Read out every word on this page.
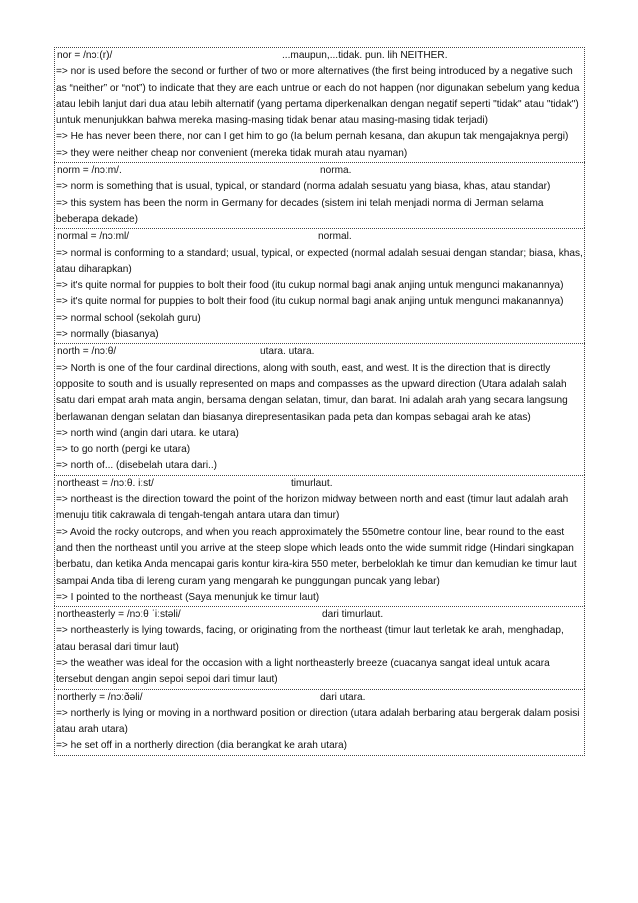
nor = /nɔː(r)/	...maupun,...tidak. pun. lih NEITHER.
=> nor is used before the second or further of two or more alternatives (the first being introduced by a negative such as “neither” or “not”) to indicate that they are each untrue or each do not happen (nor digunakan sebelum yang kedua atau lebih lanjut dari dua atau lebih alternatif (yang pertama diperkenalkan dengan negatif seperti "tidak" atau "tidak") untuk menunjukkan bahwa mereka masing-masing tidak benar atau masing-masing tidak terjadi)
=> He has never been there, nor can I get him to go (Ia belum pernah kesana, dan akupun tak mengajaknya pergi)
=> they were neither cheap nor convenient (mereka tidak murah atau nyaman)
norm = /nɔːm/.	norma.
=> norm is something that is usual, typical, or standard (norma adalah sesuatu yang biasa, khas, atau standar)
=> this system has been the norm in Germany for decades (sistem ini telah menjadi norma di Jerman selama beberapa dekade)
normal = /nɔːml/	normal.
=> normal is conforming to a standard; usual, typical, or expected (normal adalah sesuai dengan standar; biasa, khas, atau diharapkan)
=> it's quite normal for puppies to bolt their food (itu cukup normal bagi anak anjing untuk mengunci makanannya)
=> it's quite normal for puppies to bolt their food (itu cukup normal bagi anak anjing untuk mengunci makanannya)
=> normal school (sekolah guru)
=> normally (biasanya)
north = /nɔːθ/	utara. utara.
=> North is one of the four cardinal directions, along with south, east, and west. It is the direction that is directly opposite to south and is usually represented on maps and compasses as the upward direction (Utara adalah salah satu dari empat arah mata angin, bersama dengan selatan, timur, dan barat. Ini adalah arah yang secara langsung berlawanan dengan selatan dan biasanya direpresentasikan pada peta dan kompas sebagai arah ke atas)
=> north wind (angin dari utara. ke utara)
=> to go north (pergi ke utara)
=> north of... (disebelah utara dari..)
northeast = /nɔːθ. iːst/	timurlaut.
=> northeast is the direction toward the point of the horizon midway between north and east (timur laut adalah arah menuju titik cakrawala di tengah-tengah antara utara dan timur)
=> Avoid the rocky outcrops, and when you reach approximately the 550metre contour line, bear round to the east and then the northeast until you arrive at the steep slope which leads onto the wide summit ridge (Hindari singkapan berbatu, dan ketika Anda mencapai garis kontur kira-kira 550 meter, berbeloklah ke timur dan kemudian ke timur laut sampai Anda tiba di lereng curam yang mengarah ke punggungan puncak yang lebar)
=> I pointed to the northeast (Saya menunjuk ke timur laut)
northeasterly = /nɔːθ ˈiːstəli/	dari timurlaut.
=> northeasterly is lying towards, facing, or originating from the northeast (timur laut terletak ke arah, menghadap, atau berasal dari timur laut)
=> the weather was ideal for the occasion with a light northeasterly breeze (cuacanya sangat ideal untuk acara tersebut dengan angin sepoi sepoi dari timur laut)
northerly = /nɔːðəli/	dari utara.
=> northerly is lying or moving in a northward position or direction (utara adalah berbaring atau bergerak dalam posisi atau arah utara)
=> he set off in a northerly direction (dia berangkat ke arah utara)
